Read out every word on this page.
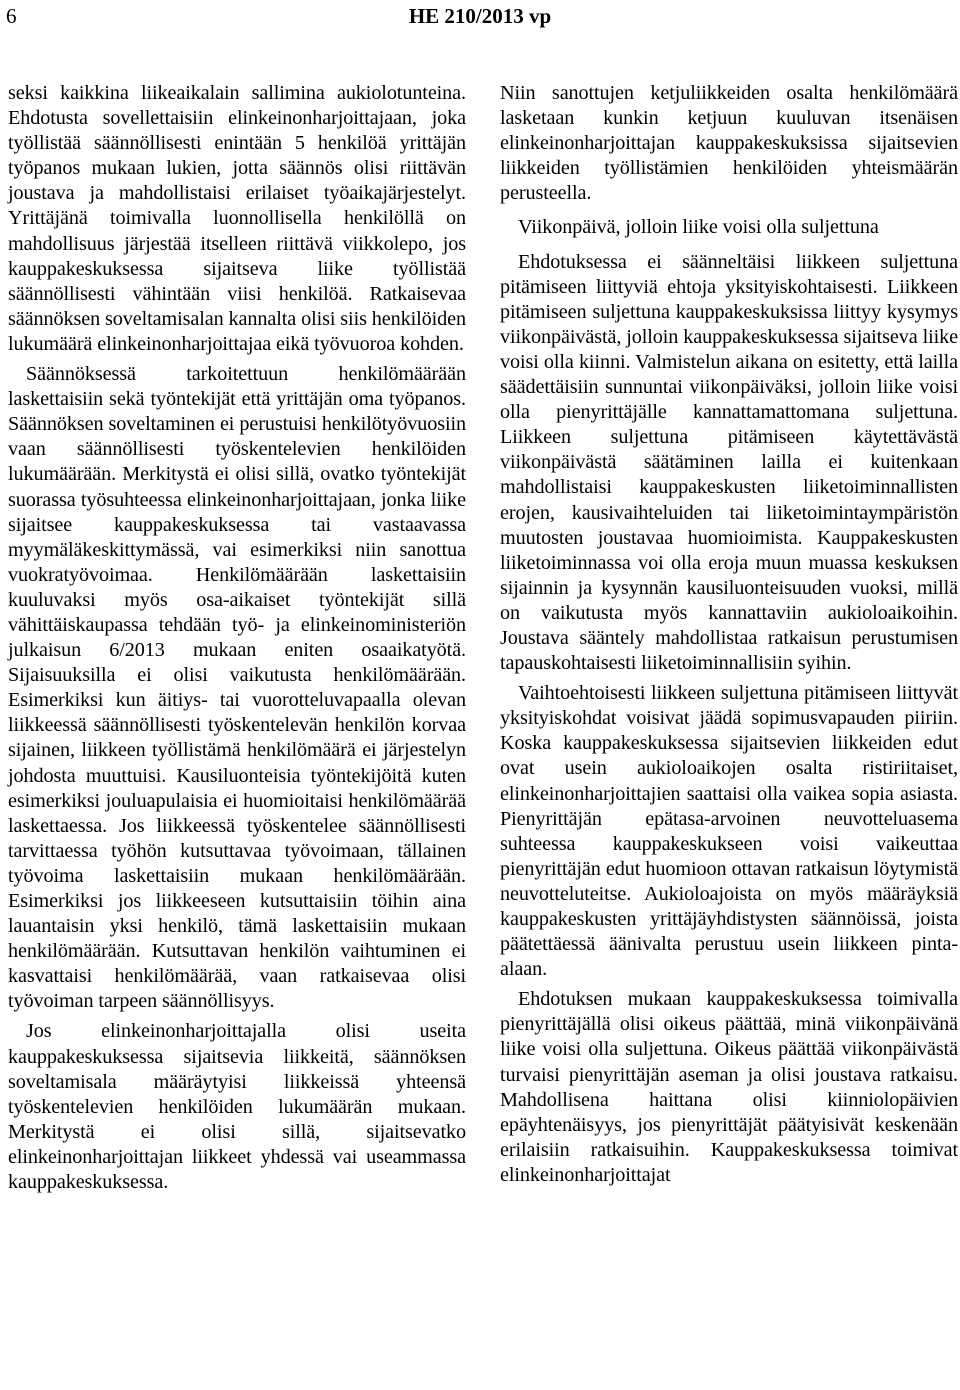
6	HE 210/2013 vp

seksi kaikkina liikeaikalain sallimina aukiolotunteina. Ehdotusta sovellettaisiin elinkeinonharjoittajaan, joka työllistää säännöllisesti enintään 5 henkilöä yrittäjän työpanos mukaan lukien, jotta säännös olisi riittävän joustava ja mahdollistaisi erilaiset työaikajärjestelyt. Yrittäjänä toimivalla luonnollisella henkilöllä on mahdollisuus järjestää itselleen riittävä viikkolepo, jos kauppakeskuksessa sijaitseva liike työllistää säännöllisesti vähintään viisi henkilöä. Ratkaisevaa säännöksen soveltamisalan kannalta olisi siis henkilöiden lukumäärä elinkeinonharjoittajaa eikä työvuoroa kohden.

Säännöksessä tarkoitettuun henkilömäärään laskettaisiin sekä työntekijät että yrittäjän oma työpanos. Säännöksen soveltaminen ei perustuisi henkilötyövuosiin vaan säännöllisesti työskentelevien henkilöiden lukumäärään. Merkitystä ei olisi sillä, ovatko työntekijät suorassa työsuhteessa elinkeinonharjoittajaan, jonka liike sijaitsee kauppakeskuksessa tai vastaavassa myymäläkeskittymässä, vai esimerkiksi niin sanottua vuokratyövoimaa. Henkilömäärään laskettaisiin kuuluvaksi myös osa-aikaiset työntekijät sillä vähittäiskaupassa tehdään työ- ja elinkeinoministeriön julkaisun 6/2013 mukaan eniten osaaikatyötä. Sijaisuuksilla ei olisi vaikutusta henkilömäärään. Esimerkiksi kun äitiys- tai vuorotteluvapaalla olevan liikkeessä säännöllisesti työskentelevän henkilön korvaa sijainen, liikkeen työllistämä henkilömäärä ei järjestelyn johdosta muuttuisi. Kausiluonteisia työntekijöitä kuten esimerkiksi jouluapulaisia ei huomioitaisi henkilömäärää laskettaessa. Jos liikkeessä työskentelee säännöllisesti tarvittaessa työhön kutsuttavaa työvoimaan, tällainen työvoima laskettaisiin mukaan henkilömäärään. Esimerkiksi jos liikkeeseen kutsuttaisiin töihin aina lauantaisin yksi henkilö, tämä laskettaisiin mukaan henkilömäärään. Kutsuttavan henkilön vaihtuminen ei kasvattaisi henkilömäärää, vaan ratkaisevaa olisi työvoiman tarpeen säännöllisyys.

Jos elinkeinonharjoittajalla olisi useita kauppakeskuksessa sijaitsevia liikkeitä, säännöksen soveltamisala määräytyisi liikkeissä yhteensä työskentelevien henkilöiden lukumäärän mukaan. Merkitystä ei olisi sillä, sijaitsevatko elinkeinonharjoittajan liikkeet yhdessä vai useammassa kauppakeskuksessa.

Niin sanottujen ketjuliikkeiden osalta henkilömäärä lasketaan kunkin ketjuun kuuluvan itsenäisen elinkeinonharjoittajan kauppakeskuksissa sijaitsevien liikkeiden työllistämien henkilöiden yhteismäärän perusteella.

Viikonpäivä, jolloin liike voisi olla suljettuna

Ehdotuksessa ei säänneltäisi liikkeen suljettuna pitämiseen liittyviä ehtoja yksityiskohtaisesti. Liikkeen pitämiseen suljettuna kauppakeskuksissa liittyy kysymys viikonpäivästä, jolloin kauppakeskuksessa sijaitseva liike voisi olla kiinni. Valmistelun aikana on esitetty, että lailla säädettäisiin sunnuntai viikonpäiväksi, jolloin liike voisi olla pienyrittäjälle kannattamattomana suljettuna. Liikkeen suljettuna pitämiseen käytettävästä viikonpäivästä säätäminen lailla ei kuitenkaan mahdollistaisi kauppakeskusten liiketoiminnallisten erojen, kausivaihteluiden tai liiketoimintaympäristön muutosten joustavaa huomioimista. Kauppakeskusten liiketoiminnassa voi olla eroja muun muassa keskuksen sijainnin ja kysynnän kausiluonteisuuden vuoksi, millä on vaikutusta myös kannattaviin aukioloaikoihin. Joustava sääntely mahdollistaa ratkaisun perustumisen tapauskohtaisesti liiketoiminnallisiin syihin.

Vaihtoehtoisesti liikkeen suljettuna pitämiseen liittyvät yksityiskohdat voisivat jäädä sopimusvapauden piiriin. Koska kauppakeskuksessa sijaitsevien liikkeiden edut ovat usein aukioloaikojen osalta ristiriitaiset, elinkeinonharjoittajien saattaisi olla vaikea sopia asiasta. Pienyrittäjän epätasa-arvoinen neuvotteluasema suhteessa kauppakeskukseen voisi vaikeuttaa pienyrittäjän edut huomioon ottavan ratkaisun löytymistä neuvotteluteitse. Aukioloajoista on myös määräyksiä kauppakeskusten yrittäjäyhdistysten säännöissä, joista päätettäessä äänivalta perustuu usein liikkeen pinta-alaan.

Ehdotuksen mukaan kauppakeskuksessa toimivalla pienyrittäjällä olisi oikeus päättää, minä viikonpäivänä liike voisi olla suljettuna. Oikeus päättää viikonpäivästä turvaisi pienyrittäjän aseman ja olisi joustava ratkaisu. Mahdollisena haittana olisi kiinniolopäivien epäyhtenäisyys, jos pienyrittäjät päätyisivät keskenään erilaisiin ratkaisuihin. Kauppakeskuksessa toimivat elinkeinonharjoittajat
